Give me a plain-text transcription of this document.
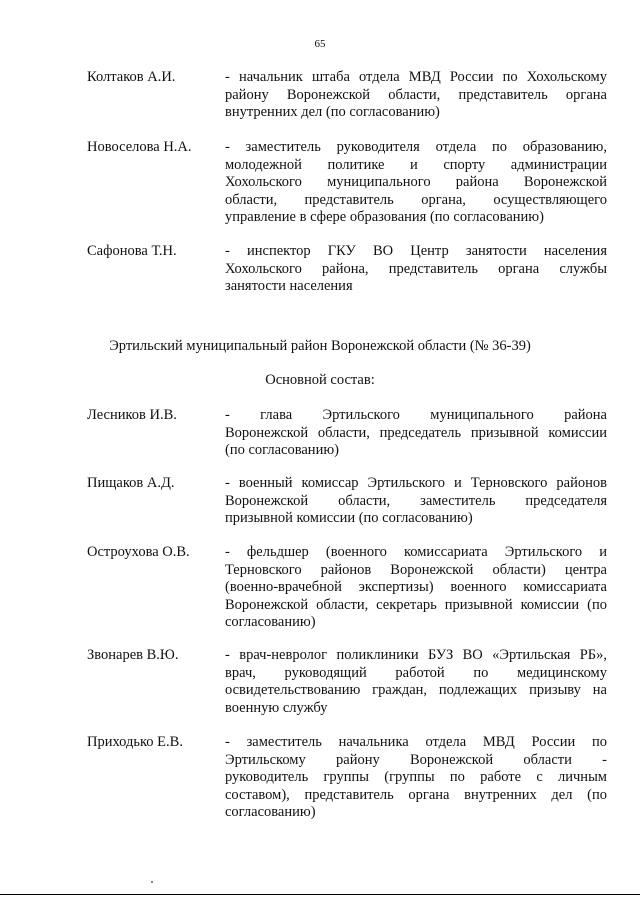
65
Колтаков А.И.	- начальник штаба отдела МВД России по Хохольскому
району Воронежской области, представитель органа
внутренних дел (по согласованию)
Новоселова Н.А. - заместитель руководителя отдела по образованию,
молодежной политике и спорту администрации
Хохольского муниципального района Воронежской
области, представитель органа, осуществляющего
управление в сфере образования (по согласованию)
Сафонова Т.Н.	- инспектор ГКУ ВО Центр занятости населения
Хохольского района, представитель органа службы
занятости населения
Эртильский муниципальный район Воронежской области (№ 36-39)
Основной состав:
Лесников И.В.	- глава Эртильского муниципального района
Воронежской области, председатель призывной комиссии
(по согласованию)
Пищаков А.Д.	- военный комиссар Эртильского и Терновского районов
Воронежской области, заместитель председателя
призывной комиссии (по согласованию)
Остроухова О.В. - фельдшер (военного комиссариата Эртильского и
Терновского районов Воронежской области) центра
(военно-врачебной экспертизы) военного комиссариата
Воронежской области, секретарь призывной комиссии (по
согласованию)
Звонарев В.Ю.	- врач-невролог поликлиники БУЗ ВО «Эртильская РБ»,
врач, руководящий работой по медицинскому
освидетельствованию граждан, подлежащих призыву на
военную службу
Приходько Е.В.	- заместитель начальника отдела МВД России по
Эртильскому району Воронежской области -
руководитель группы (группы по работе с личным
составом), представитель органа внутренних дел (по
согласованию)
